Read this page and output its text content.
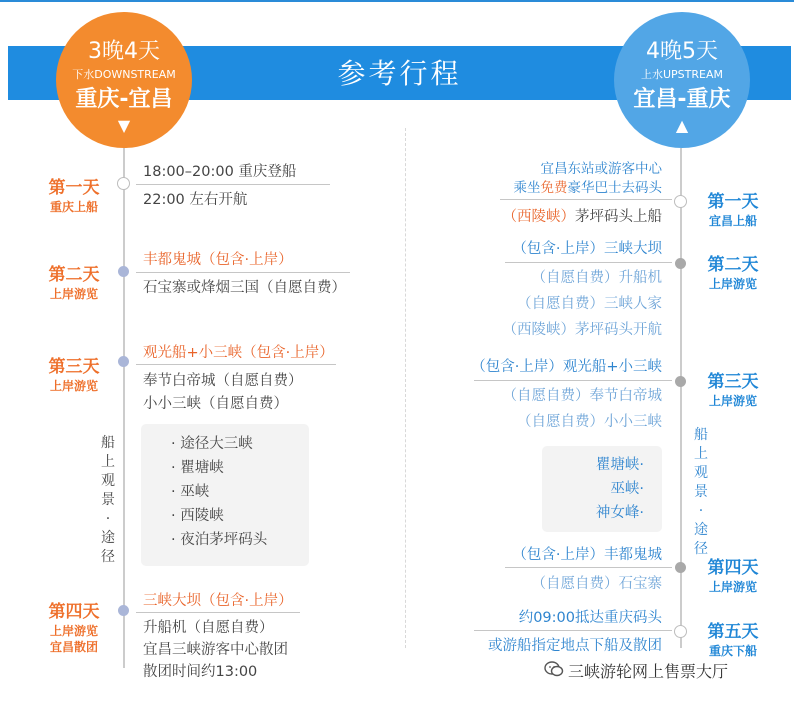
参考行程
3晚4天
下水DOWNSTREAM
重庆-宜昌
▼
4晚5天
上水UPSTREAM
宜昌-重庆
▲
第一天
重庆上船
第二天
上岸游览
第三天
上岸游览
第四天
上岸游览
宜昌散团
18:00–20:00 重庆登船
22:00 左右开航
丰都鬼城（包含·上岸）
石宝寨或烽烟三国（自愿自费）
观光船+小三峡（包含·上岸）
奉节白帝城（自愿自费）
小小三峡（自愿自费）
船
上
观
景
·
途
径
· 途径大三峡
· 瞿塘峡
· 巫峡
· 西陵峡
· 夜泊茅坪码头
三峡大坝（包含·上岸）
升船机（自愿自费）
宜昌三峡游客中心散团
散团时间约13:00
第一天
宜昌上船
第二天
上岸游览
第三天
上岸游览
第四天
上岸游览
第五天
重庆下船
宜昌东站或游客中心
乘坐免费豪华巴士去码头
（西陵峡）茅坪码头上船
（包含·上岸）三峡大坝
（自愿自费）升船机
（自愿自费）三峡人家
（西陵峡）茅坪码头开航
（包含·上岸）观光船+小三峡
（自愿自费）奉节白帝城
（自愿自费）小小三峡
船
上
观
景
·
途
径
瞿塘峡·
巫峡·
神女峰·
（包含·上岸）丰都鬼城
（自愿自费）石宝寨
约09:00抵达重庆码头
或游船指定地点下船及散团
三峡游轮网上售票大厅
